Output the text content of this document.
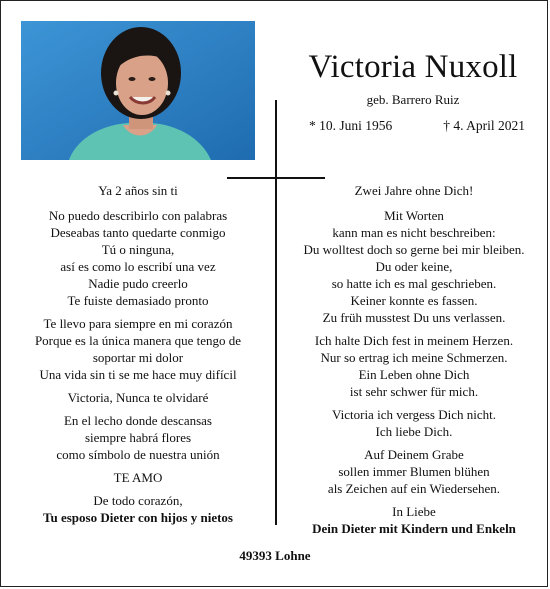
Victoria Nuxoll
geb. Barrero Ruiz
* 10. Juni 1956	† 4. April 2021
Ya 2 años sin ti
No puedo describirlo con palabras
Deseabas tanto quedarte conmigo
Tú o ninguna,
así es como lo escribí una vez
Nadie pudo creerlo
Te fuiste demasiado pronto
Te llevo para siempre en mi corazón
Porque es la única manera que tengo de
soportar mi dolor
Una vida sin ti se me hace muy difícil
Victoria, Nunca te olvidaré
En el lecho donde descansas
siempre habrá flores
como símbolo de nuestra unión
TE AMO
De todo corazón,
Tu esposo Dieter con hijos y nietos
Zwei Jahre ohne Dich!
Mit Worten
kann man es nicht beschreiben:
Du wolltest doch so gerne bei mir bleiben.
Du oder keine,
so hatte ich es mal geschrieben.
Keiner konnte es fassen.
Zu früh musstest Du uns verlassen.
Ich halte Dich fest in meinem Herzen.
Nur so ertrag ich meine Schmerzen.
Ein Leben ohne Dich
ist sehr schwer für mich.
Victoria ich vergess Dich nicht.
Ich liebe Dich.
Auf Deinem Grabe
sollen immer Blumen blühen
als Zeichen auf ein Wiedersehen.
In Liebe
Dein Dieter mit Kindern und Enkeln
49393 Lohne
